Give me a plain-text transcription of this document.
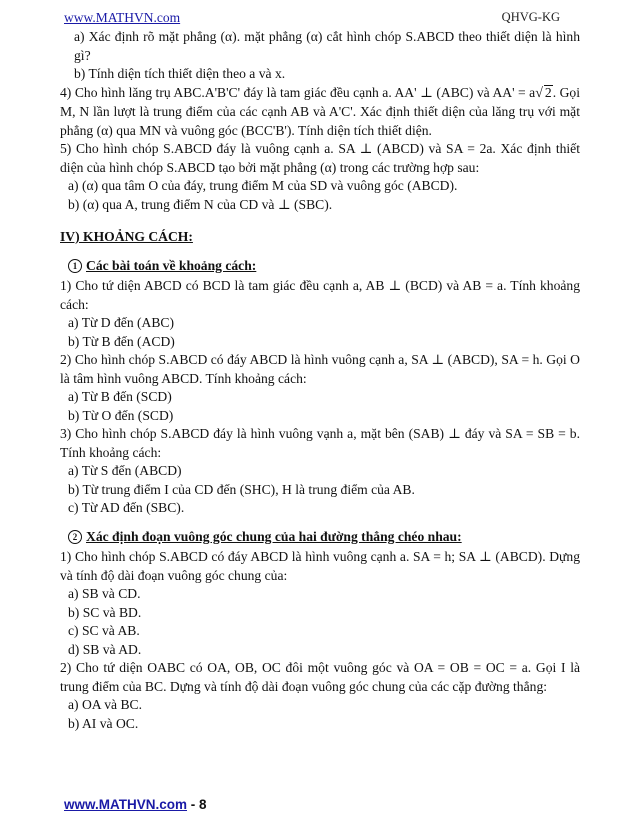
www.MATHVN.com	QHVG-KG

a) Xác định rõ mặt phẳng (α). mặt phẳng (α) cắt hình chóp S.ABCD theo thiết diện là hình gì?

b) Tính diện tích thiết diện theo a và x.

4) Cho hình lăng trụ ABC.A'B'C' đáy là tam giác đều cạnh a. AA' ⊥ (ABC) và AA' = a√ 2. Gọi M, N lần lượt là trung điểm của các cạnh AB và A'C'. Xác định thiết diện của lăng trụ với mặt phẳng (α) qua MN và vuông góc (BCC'B'). Tính diện tích thiết diện.

5) Cho hình chóp S.ABCD đáy là vuông cạnh a. SA ⊥ (ABCD) và SA = 2a. Xác định thiết diện của hình chóp S.ABCD tạo bởi mặt phẳng (α) trong các trường hợp sau:

a) (α) qua tâm O của đáy, trung điểm M của SD và vuông góc (ABCD).

b) (α) qua A, trung điểm N của CD và ⊥ (SBC).

IV) KHOẢNG CÁCH:

1 Các bài toán về khoảng cách:

1) Cho tứ diện ABCD có BCD là tam giác đều cạnh a, AB ⊥ (BCD) và AB = a. Tính khoảng cách:

a) Từ D đến (ABC)

b) Từ B đến (ACD)

2) Cho hình chóp S.ABCD có đáy ABCD là hình vuông cạnh a, SA ⊥ (ABCD), SA = h. Gọi O là tâm hình vuông ABCD. Tính khoảng cách:

a) Từ B đến (SCD)

b) Từ O đến (SCD)

3) Cho hình chóp S.ABCD đáy là hình vuông vạnh a, mặt bên (SAB) ⊥ đáy và SA = SB = b. Tính khoảng cách:

a) Từ S đến (ABCD)

b) Từ trung điểm I của CD đến (SHC), H là trung điểm của AB.

c) Từ AD đến (SBC).

2 Xác định đoạn vuông góc chung của hai đường thẳng chéo nhau:

1) Cho hình chóp S.ABCD có đáy ABCD là hình vuông cạnh a. SA = h; SA ⊥ (ABCD). Dựng và tính độ dài đoạn vuông góc chung của:

a) SB và CD.

b) SC và BD.

c) SC và AB.

d) SB và AD.

2) Cho tứ diện OABC có OA, OB, OC đôi một vuông góc và OA = OB = OC = a. Gọi I là trung điểm của BC. Dựng và tính độ dài đoạn vuông góc chung của các cặp đường thẳng:

a) OA và BC.

b) AI và OC.

www.MATHVN.com - 8
